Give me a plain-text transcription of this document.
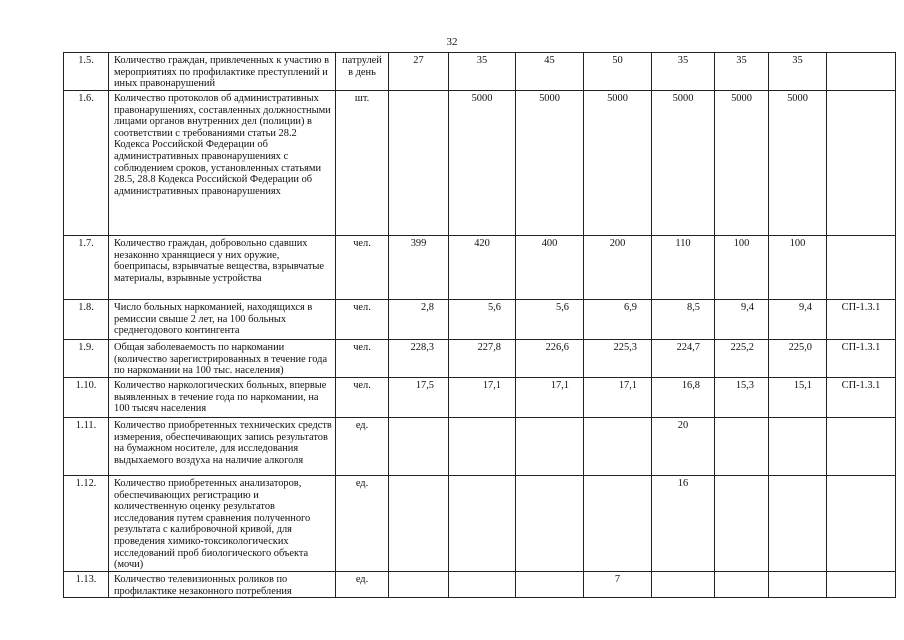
32
1.5.	Количество граждан, привлеченных к участию в мероприятиях по профилактике преступлений и иных правонарушений	патрулей в день	27	35	45	50	35	35	35	
1.6.	Количество протоколов об административных правонарушениях, составленных должностными лицами органов внутренних дел (полиции) в соответствии с требованиями статьи 28.2 Кодекса Российской Федерации об административных правонарушениях с соблюдением сроков, установленных статьями 28.5, 28.8 Кодекса Российской Федерации об административных правонарушениях	шт.		5000	5000	5000	5000	5000	5000	
1.7.	Количество граждан, добровольно сдавших незаконно хранящиеся у них оружие, боеприпасы, взрывчатые вещества, взрывчатые материалы, взрывные устройства	чел.	399	420	400	200	110	100	100	
1.8.	Число больных наркоманией, находящихся в ремиссии свыше 2 лет, на 100 больных среднегодового контингента	чел.	2,8	5,6	5,6	6,9	8,5	9,4	9,4	СП-1.3.1
1.9.	Общая заболеваемость по наркомании (количество зарегистрированных в течение года по наркомании на 100 тыс. населения)	чел.	228,3	227,8	226,6	225,3	224,7	225,2	225,0	СП-1.3.1
1.10.	Количество наркологических больных, впервые выявленных в течение года по наркомании, на 100 тысяч населения	чел.	17,5	17,1	17,1	17,1	16,8	15,3	15,1	СП-1.3.1
1.11.	Количество приобретенных технических средств измерения, обеспечивающих запись результатов на бумажном носителе, для исследования выдыхаемого воздуха на наличие алкоголя	ед.					20			
1.12.	Количество приобретенных анализаторов, обеспечивающих регистрацию и количественную оценку результатов исследования путем сравнения полученного результата с калибровочной кривой, для проведения химико-токсикологических исследований проб биологического объекта (мочи)	ед.					16			
1.13.	Количество телевизионных роликов по профилактике незаконного потребления	ед.				7				
